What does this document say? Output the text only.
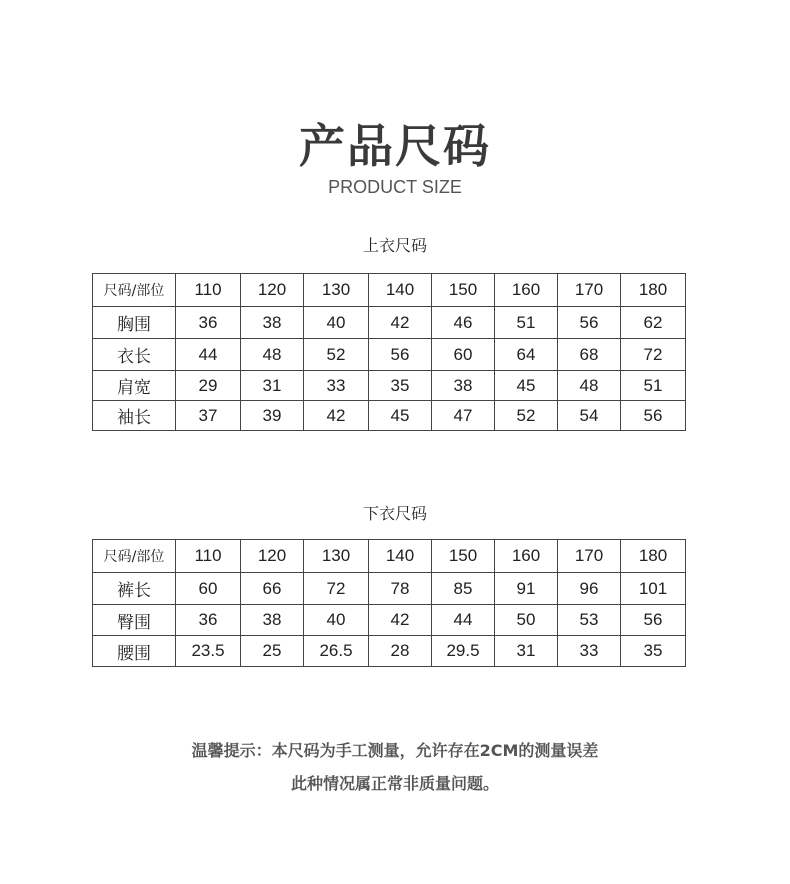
产品尺码
PRODUCT SIZE
上衣尺码
尺码/部位	110	120	130	140	150	160	170	180
胸围	36	38	40	42	46	51	56	62
衣长	44	48	52	56	60	64	68	72
肩宽	29	31	33	35	38	45	48	51
袖长	37	39	42	45	47	52	54	56
下衣尺码
尺码/部位	110	120	130	140	150	160	170	180
裤长	60	66	72	78	85	91	96	101
臀围	36	38	40	42	44	50	53	56
腰围	23.5	25	26.5	28	29.5	31	33	35
温馨提示：本尺码为手工测量，允许存在2CM的测量误差
此种情况属正常非质量问题。
